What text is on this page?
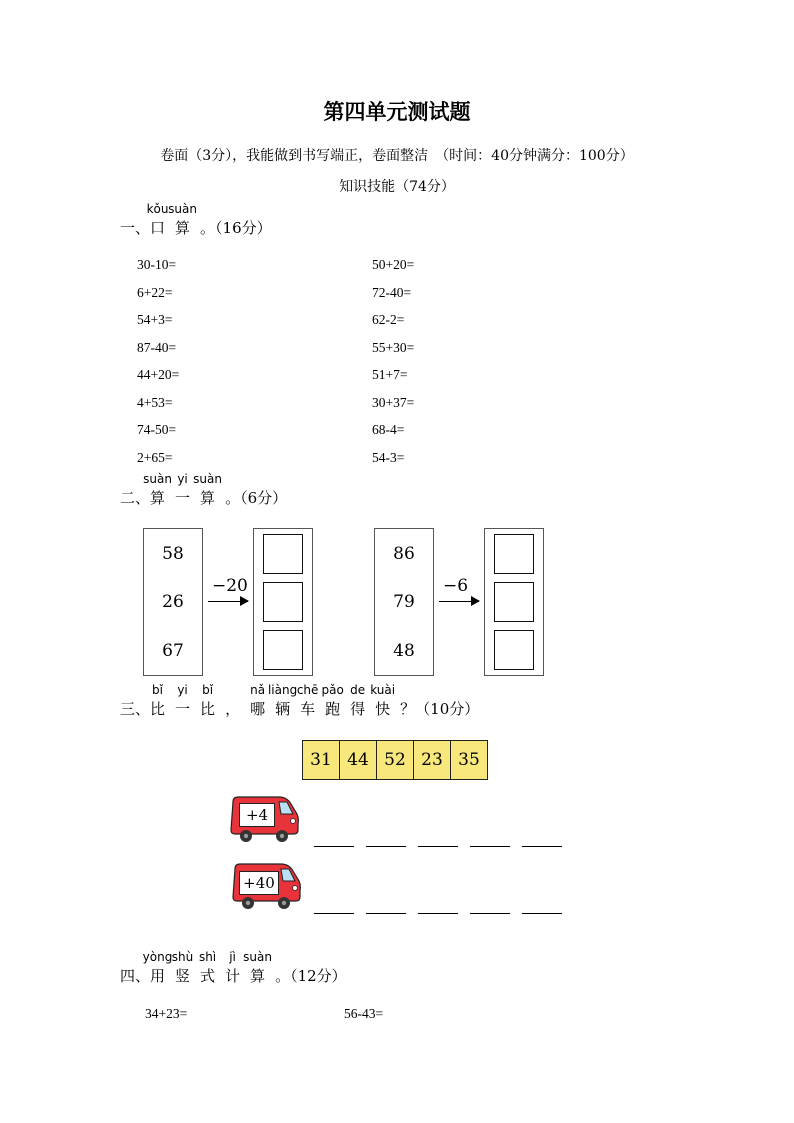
第四单元测试题
卷面（3分），我能做到书写端正，卷面整洁　（时间：40分钟满分：100分）
知识技能（74分）
一、
kǒu
口
suàn
算 。（16分）
30-10=
6+22=
54+3=
87-40=
44+20=
4+53=
74-50=
2+65=
50+20=
72-40=
62-2=
55+30=
51+7=
30+37=
68-4=
54-3=
二、
suàn
算
yi
一
suàn
算 。（6分）
58
26
67
−20
86
79
48
−6
三、
bǐ
比
yi
一
bǐ
比 ，
nǎ
哪
liàng
辆
chē
车
pǎo
跑
de
得
kuài
快 ？（10分）
31 44 52 23 35
+4
+40
四、
yòng
用
shù
竖
shì
式
jì
计
suàn
算 。（12分）
34+23=	56-43=
